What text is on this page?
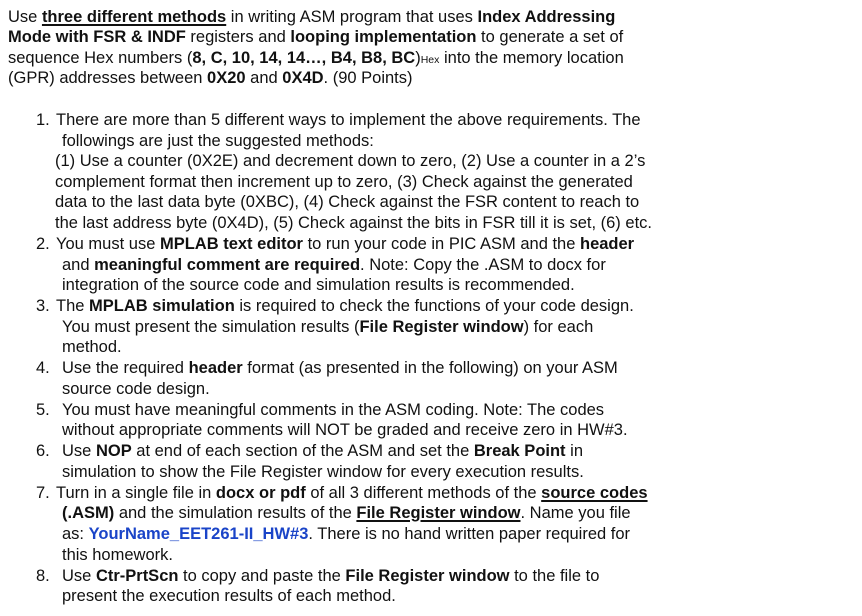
Use three different methods in writing ASM program that uses Index Addressing
Mode with FSR & INDF registers and looping implementation to generate a set of
sequence Hex numbers (8, C, 10, 14, 14…, B4, B8, BC)Hex into the memory location
(GPR) addresses between 0X20 and 0X4D. (90 Points)
1. There are more than 5 different ways to implement the above requirements. The
followings are just the suggested methods:
(1) Use a counter (0X2E) and decrement down to zero, (2) Use a counter in a 2’s
complement format then increment up to zero, (3) Check against the generated
data to the last data byte (0XBC), (4) Check against the FSR content to reach to
the last address byte (0X4D), (5) Check against the bits in FSR till it is set, (6) etc.
2. You must use MPLAB text editor to run your code in PIC ASM and the header
and meaningful comment are required. Note: Copy the .ASM to docx for
integration of the source code and simulation results is recommended.
3. The MPLAB simulation is required to check the functions of your code design.
You must present the simulation results (File Register window) for each
method.
4. Use the required header format (as presented in the following) on your ASM
source code design.
5. You must have meaningful comments in the ASM coding. Note: The codes
without appropriate comments will NOT be graded and receive zero in HW#3.
6. Use NOP at end of each section of the ASM and set the Break Point in
simulation to show the File Register window for every execution results.
7. Turn in a single file in docx or pdf of all 3 different methods of the source codes
(.ASM) and the simulation results of the File Register window. Name you file
as: YourName_EET261-II_HW#3. There is no hand written paper required for
this homework.
8. Use Ctr-PrtScn to copy and paste the File Register window to the file to
present the execution results of each method.
